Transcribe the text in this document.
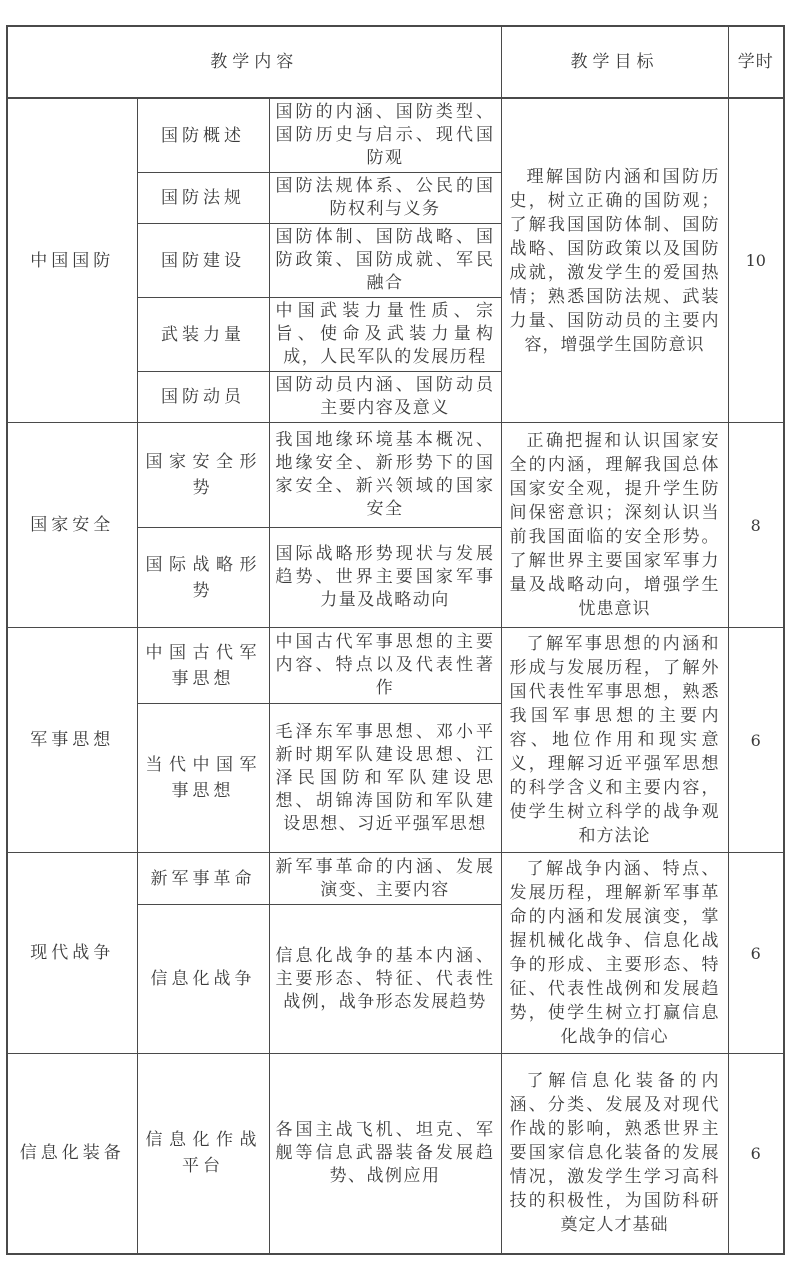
教学内容			教学目标	学时
中国国防	国防概述	国防的内涵、国防类型、国防历史与启示、现代国防观	理解国防内涵和国防历史，树立正确的国防观；了解我国国防体制、国防战略、国防政策以及国防成就，激发学生的爱国热情；熟悉国防法规、武装力量、国防动员的主要内容，增强学生国防意识	10
	国防法规	国防法规体系、公民的国防权利与义务		
	国防建设	国防体制、国防战略、国防政策、国防成就、军民融合		
	武装力量	中国武装力量性质、宗旨、使命及武装力量构成，人民军队的发展历程		
	国防动员	国防动员内涵、国防动员主要内容及意义		
国家安全	国家安全形势	我国地缘环境基本概况、地缘安全、新形势下的国家安全、新兴领域的国家安全	正确把握和认识国家安全的内涵，理解我国总体国家安全观，提升学生防间保密意识；深刻认识当前我国面临的安全形势。了解世界主要国家军事力量及战略动向，增强学生忧患意识	8
	国际战略形势	国际战略形势现状与发展趋势、世界主要国家军事力量及战略动向		
军事思想	中国古代军事思想	中国古代军事思想的主要内容、特点以及代表性著作	了解军事思想的内涵和形成与发展历程，了解外国代表性军事思想，熟悉我国军事思想的主要内容、地位作用和现实意义，理解习近平强军思想的科学含义和主要内容，使学生树立科学的战争观和方法论	6
	当代中国军事思想	毛泽东军事思想、邓小平新时期军队建设思想、江泽民国防和军队建设思想、胡锦涛国防和军队建设思想、习近平强军思想		
现代战争	新军事革命	新军事革命的内涵、发展演变、主要内容	了解战争内涵、特点、发展历程，理解新军事革命的内涵和发展演变，掌握机械化战争、信息化战争的形成、主要形态、特征、代表性战例和发展趋势，使学生树立打赢信息化战争的信心	6
	信息化战争	信息化战争的基本内涵、主要形态、特征、代表性战例，战争形态发展趋势		
信息化装备	信息化作战平台	各国主战飞机、坦克、军舰等信息武器装备发展趋势、战例应用	了解信息化装备的内涵、分类、发展及对现代作战的影响，熟悉世界主要国家信息化装备的发展情况，激发学生学习高科技的积极性，为国防科研奠定人才基础	6
